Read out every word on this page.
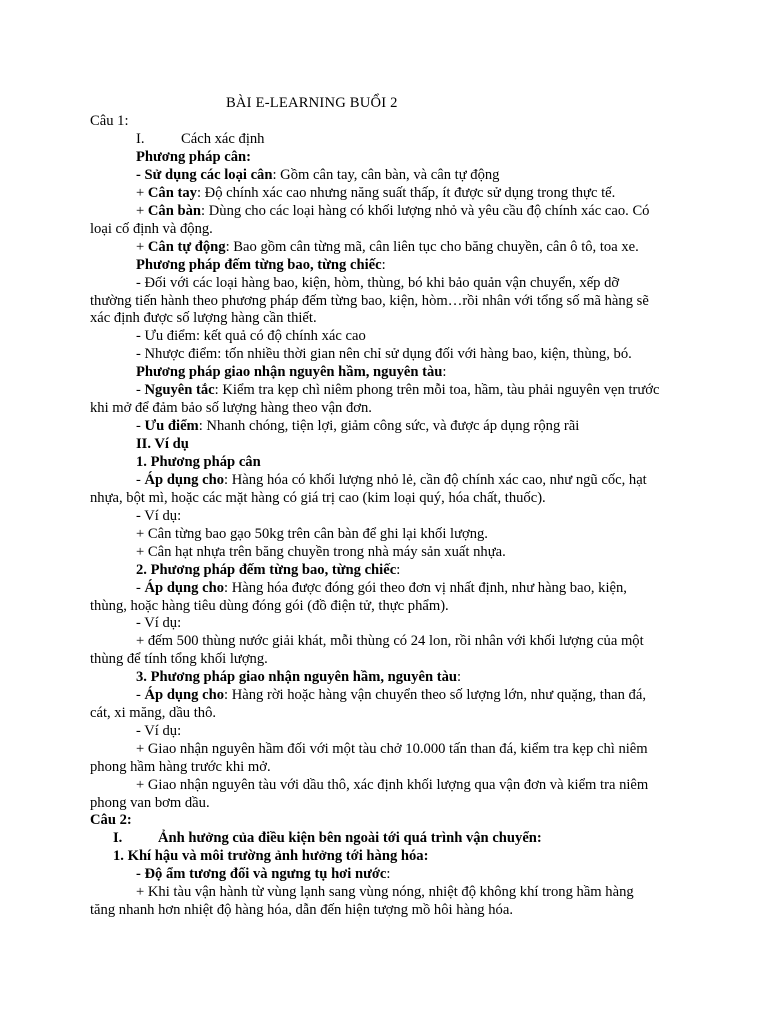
BÀI E-LEARNING BUỔI 2
Câu 1:
I. Cách xác định
Phương pháp cân:
- Sử dụng các loại cân: Gồm cân tay, cân bàn, và cân tự động
+ Cân tay: Độ chính xác cao nhưng năng suất thấp, ít được sử dụng trong thực tế.
+ Cân bàn: Dùng cho các loại hàng có khối lượng nhỏ và yêu cầu độ chính xác cao. Có
loại cố định và động.
+ Cân tự động: Bao gồm cân từng mã, cân liên tục cho băng chuyền, cân ô tô, toa xe.
Phương pháp đếm từng bao, từng chiếc:
- Đối với các loại hàng bao, kiện, hòm, thùng, bó khi bảo quản vận chuyển, xếp dỡ
thường tiến hành theo phương pháp đếm từng bao, kiện, hòm…rồi nhân với tổng số mã hàng sẽ
xác định được số lượng hàng cần thiết.
- Ưu điểm: kết quả có độ chính xác cao
- Nhược điểm: tốn nhiều thời gian nên chỉ sử dụng đối với hàng bao, kiện, thùng, bó.
Phương pháp giao nhận nguyên hầm, nguyên tàu:
- Nguyên tắc: Kiểm tra kẹp chì niêm phong trên mỗi toa, hầm, tàu phải nguyên vẹn trước
khi mở để đảm bảo số lượng hàng theo vận đơn.
- Ưu điểm: Nhanh chóng, tiện lợi, giảm công sức, và được áp dụng rộng rãi
II. Ví dụ
1. Phương pháp cân
- Áp dụng cho: Hàng hóa có khối lượng nhỏ lẻ, cần độ chính xác cao, như ngũ cốc, hạt
nhựa, bột mì, hoặc các mặt hàng có giá trị cao (kim loại quý, hóa chất, thuốc).
- Ví dụ:
+ Cân từng bao gạo 50kg trên cân bàn để ghi lại khối lượng.
+ Cân hạt nhựa trên băng chuyền trong nhà máy sản xuất nhựa.
2. Phương pháp đếm từng bao, từng chiếc:
- Áp dụng cho: Hàng hóa được đóng gói theo đơn vị nhất định, như hàng bao, kiện,
thùng, hoặc hàng tiêu dùng đóng gói (đồ điện tử, thực phẩm).
- Ví dụ:
+ đếm 500 thùng nước giải khát, mỗi thùng có 24 lon, rồi nhân với khối lượng của một
thùng để tính tổng khối lượng.
3. Phương pháp giao nhận nguyên hầm, nguyên tàu:
- Áp dụng cho: Hàng rời hoặc hàng vận chuyển theo số lượng lớn, như quặng, than đá,
cát, xi măng, dầu thô.
- Ví dụ:
+ Giao nhận nguyên hầm đối với một tàu chở 10.000 tấn than đá, kiểm tra kẹp chì niêm
phong hầm hàng trước khi mở.
+ Giao nhận nguyên tàu với dầu thô, xác định khối lượng qua vận đơn và kiểm tra niêm
phong van bơm dầu.
Câu 2:
I. Ảnh hưởng của điều kiện bên ngoài tới quá trình vận chuyển:
1. Khí hậu và môi trường ảnh hưởng tới hàng hóa:
- Độ ẩm tương đối và ngưng tụ hơi nước:
+ Khi tàu vận hành từ vùng lạnh sang vùng nóng, nhiệt độ không khí trong hầm hàng
tăng nhanh hơn nhiệt độ hàng hóa, dẫn đến hiện tượng mồ hôi hàng hóa.
